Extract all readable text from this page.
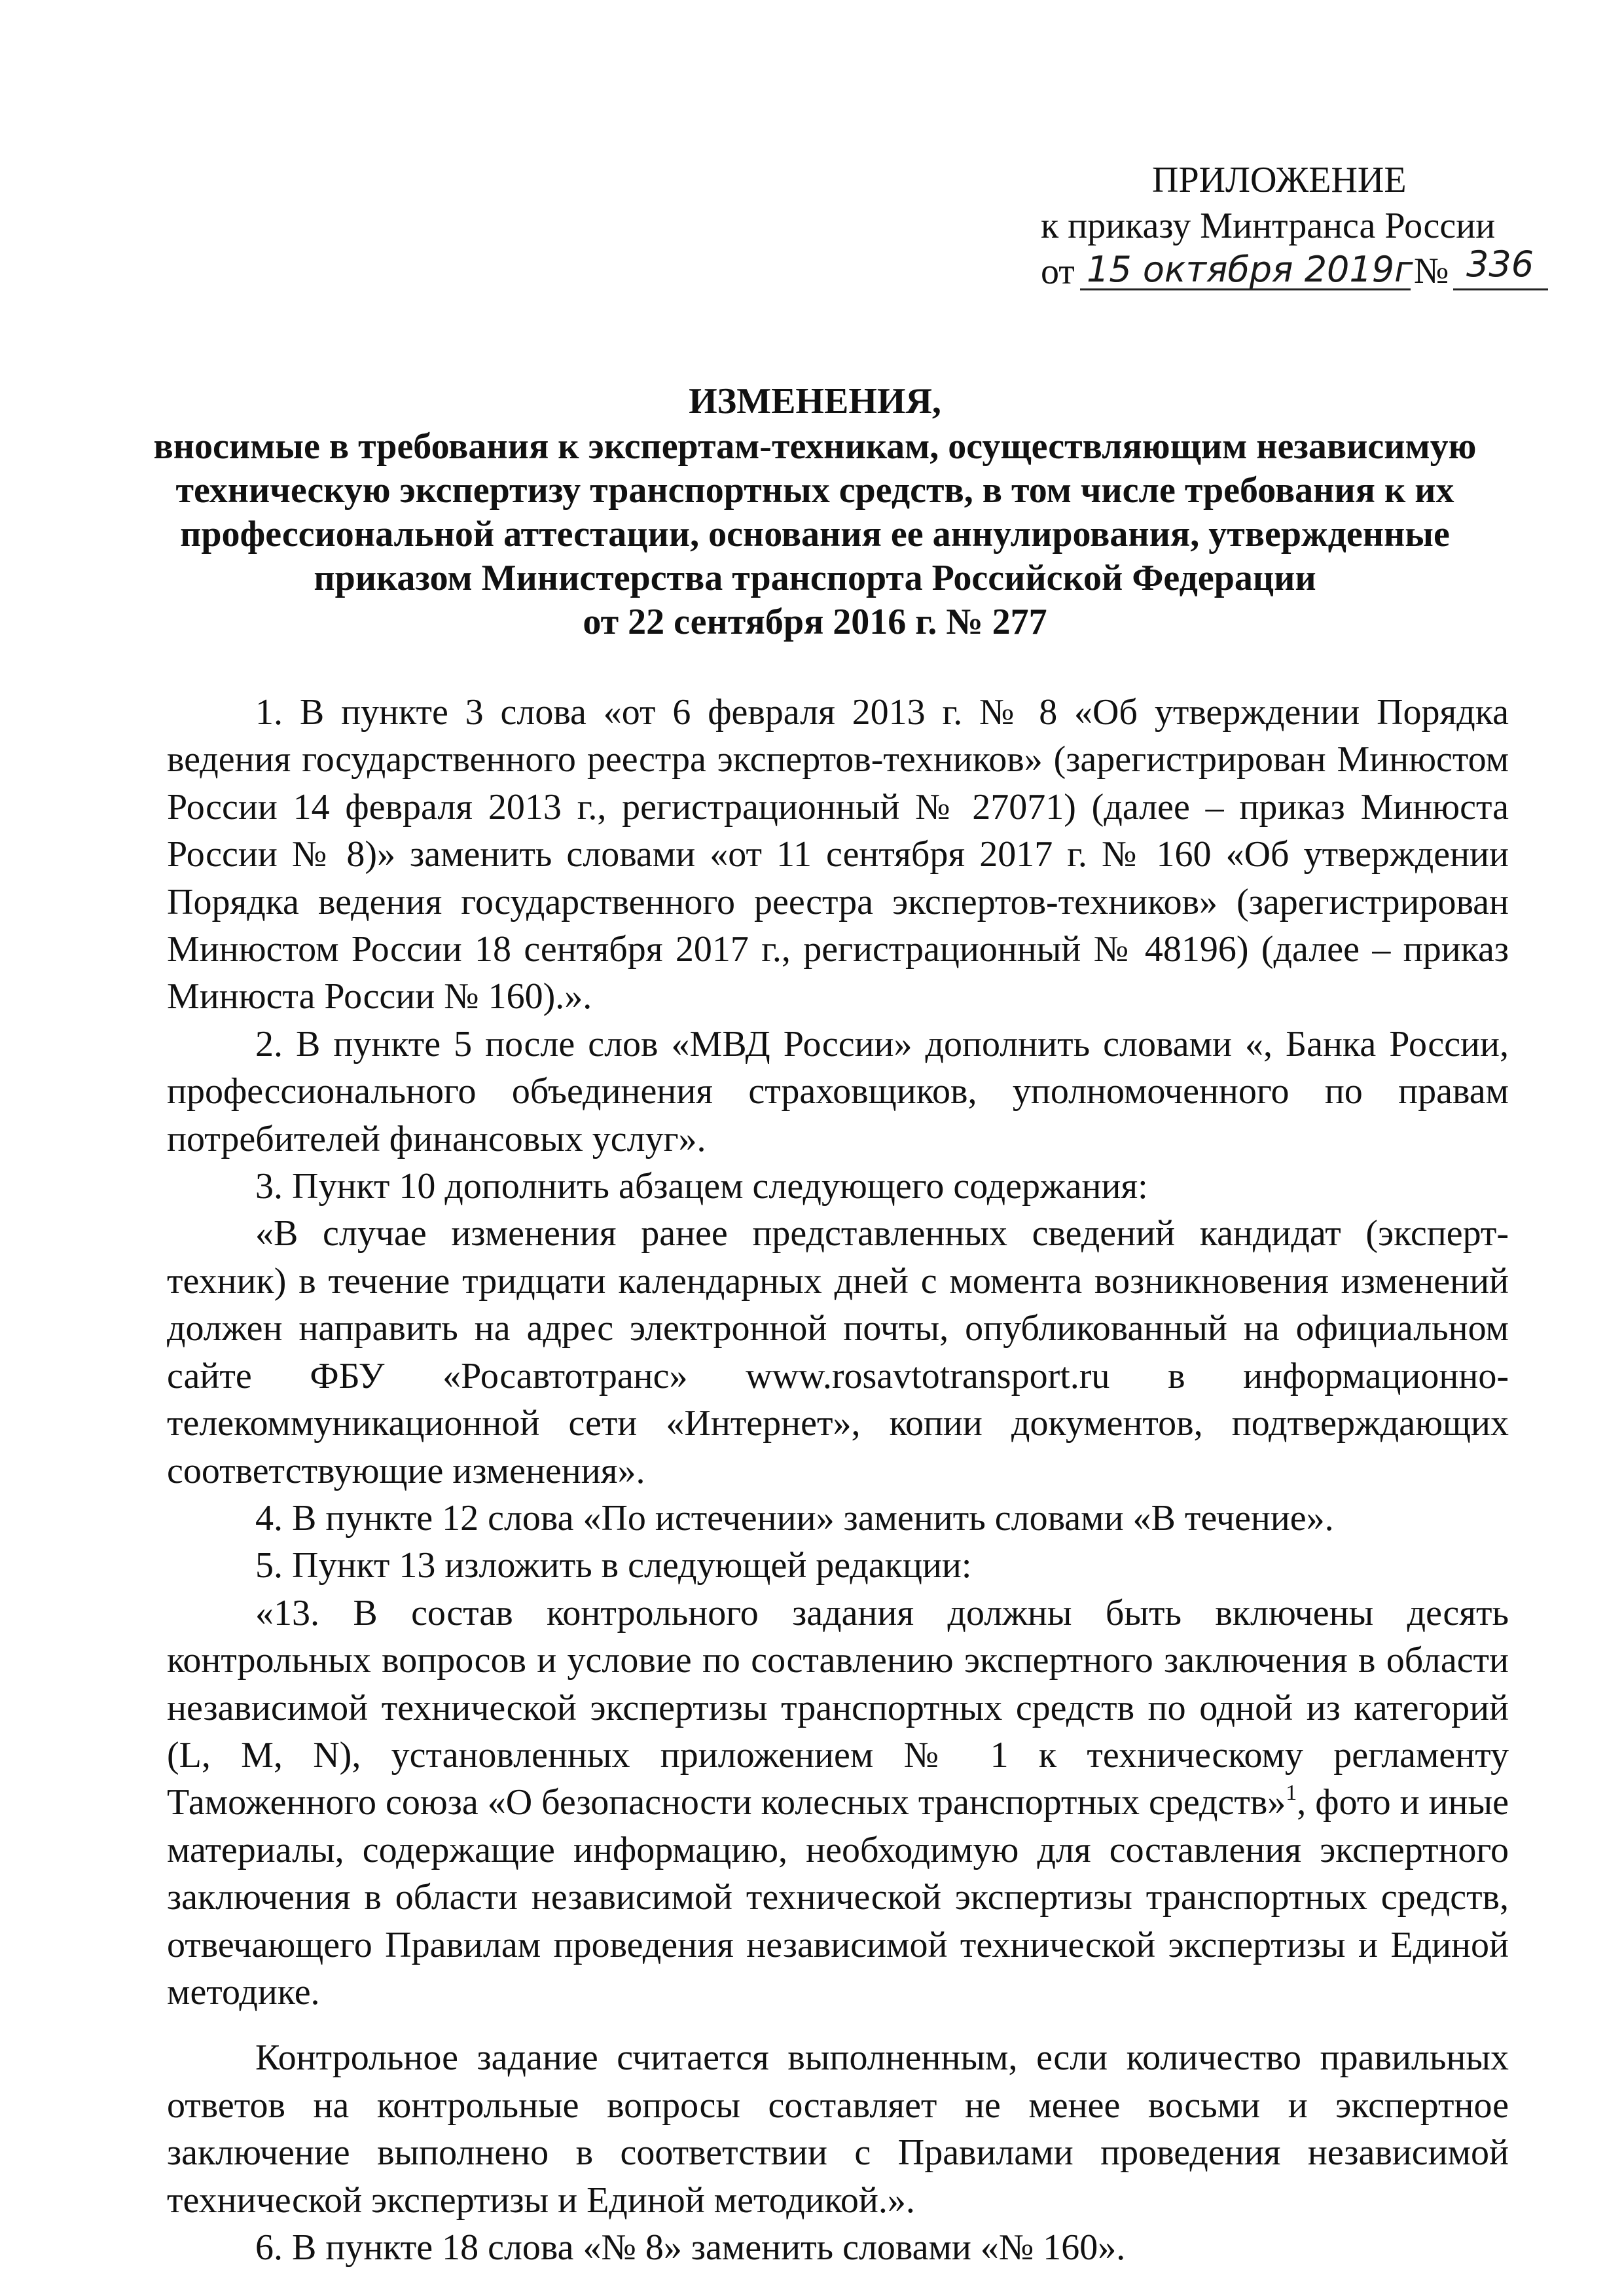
ПРИЛОЖЕНИЕ
к приказу Минтранса России
от 15 октября 2019г № 336
ИЗМЕНЕНИЯ,
вносимые в требования к экспертам-техникам, осуществляющим независимую
техническую экспертизу транспортных средств, в том числе требования к их
профессиональной аттестации, основания ее аннулирования, утвержденные
приказом Министерства транспорта Российской Федерации
от 22 сентября 2016 г. № 277

1. В пункте 3 слова «от 6 февраля 2013 г. № 8 «Об утверждении Порядка ведения государственного реестра экспертов-техников» (зарегистрирован Минюстом России 14 февраля 2013 г., регистрационный № 27071) (далее – приказ Минюста России № 8)» заменить словами «от 11 сентября 2017 г. № 160 «Об утверждении Порядка ведения государственного реестра экспертов-техников» (зарегистрирован Минюстом России 18 сентября 2017 г., регистрационный № 48196) (далее – приказ Минюста России № 160).».

2. В пункте 5 после слов «МВД России» дополнить словами «, Банка России, профессионального объединения страховщиков, уполномоченного по правам потребителей финансовых услуг».

3. Пункт 10 дополнить абзацем следующего содержания:

«В случае изменения ранее представленных сведений кандидат (эксперт-техник) в течение тридцати календарных дней с момента возникновения изменений должен направить на адрес электронной почты, опубликованный на официальном сайте ФБУ «Росавтотранс» www.rosavtotransport.ru в информационно-телекоммуникационной сети «Интернет», копии документов, подтверждающих соответствующие изменения».

4. В пункте 12 слова «По истечении» заменить словами «В течение».

5. Пункт 13 изложить в следующей редакции:

«13. В состав контрольного задания должны быть включены десять контрольных вопросов и условие по составлению экспертного заключения в области независимой технической экспертизы транспортных средств по одной из категорий (L, M, N), установленных приложением № 1 к техническому регламенту Таможенного союза «О безопасности колесных транспортных средств»$^1$, фото и иные материалы, содержащие информацию, необходимую для составления экспертного заключения в области независимой технической экспертизы транспортных средств, отвечающего Правилам проведения независимой технической экспертизы и Единой методике.

Контрольное задание считается выполненным, если количество правильных ответов на контрольные вопросы составляет не менее восьми и экспертное заключение выполнено в соответствии с Правилами проведения независимой технической экспертизы и Единой методикой.».

6. В пункте 18 слова «№ 8» заменить словами «№ 160».
